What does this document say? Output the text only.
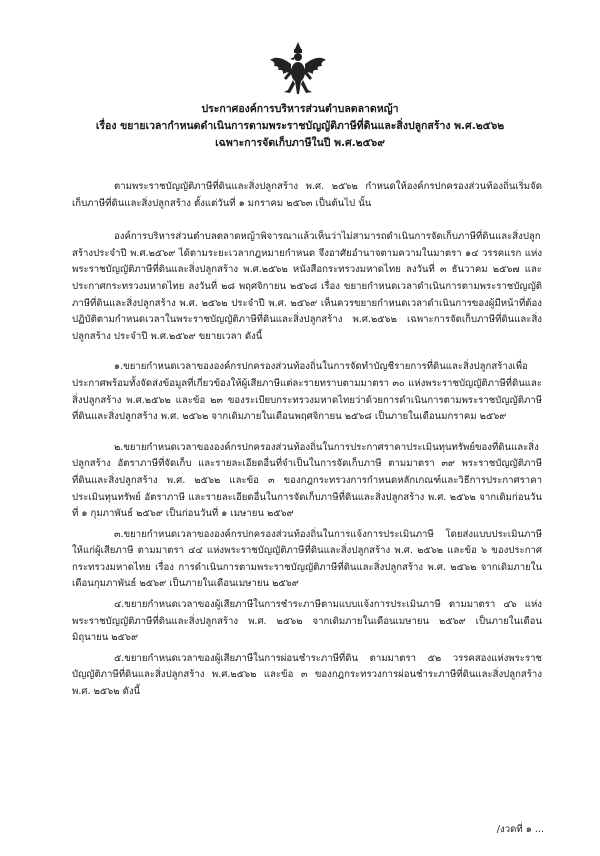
ประกาศองค์การบริหารส่วนตำบลตลาดหญ้า
เรื่อง ขยายเวลากำหนดดำเนินการตามพระราชบัญญัติภาษีที่ดินและสิ่งปลูกสร้าง พ.ศ.๒๕๖๒
เฉพาะการจัดเก็บภาษีในปี พ.ศ.๒๕๖๙

ตามพระราชบัญญัติภาษีที่ดินและสิ่งปลูกสร้าง พ.ศ. ๒๕๖๒ กำหนดให้องค์กรปกครองส่วนท้องถิ่นเริ่มจัดเก็บภาษีที่ดินและสิ่งปลูกสร้าง ตั้งแต่วันที่ ๑ มกราคม ๒๕๖๓ เป็นต้นไป นั้น

องค์การบริหารส่วนตำบลตลาดหญ้าพิจารณาแล้วเห็นว่าไม่สามารถดำเนินการจัดเก็บภาษีที่ดินและสิ่งปลูกสร้างประจำปี พ.ศ.๒๕๖๙ ได้ตามระยะเวลากฎหมายกำหนด จึงอาศัยอำนาจตามความในมาตรา ๑๔ วรรคแรก แห่งพระราชบัญญัติภาษีที่ดินและสิ่งปลูกสร้าง พ.ศ.๒๕๖๒ หนังสือกระทรวงมหาดไทย ลงวันที่ ๓ ธันวาคม ๒๕๖๗ และประกาศกระทรวงมหาดไทย ลงวันที่ ๒๘ พฤศจิกายน ๒๕๖๘ เรื่อง ขยายกำหนดเวลาดำเนินการตามพระราชบัญญัติภาษีที่ดินและสิ่งปลูกสร้าง พ.ศ. ๒๕๖๒ ประจำปี พ.ศ. ๒๕๖๙ เห็นควรขยายกำหนดเวลาดำเนินการของผู้มีหน้าที่ต้องปฏิบัติตามกำหนดเวลาในพระราชบัญญัติภาษีที่ดินและสิ่งปลูกสร้าง พ.ศ.๒๕๖๒ เฉพาะการจัดเก็บภาษีที่ดินและสิ่งปลูกสร้าง ประจำปี พ.ศ.๒๕๖๙ ขยายเวลา ดังนี้

๑.ขยายกำหนดเวลาขององค์กรปกครองส่วนท้องถิ่นในการจัดทำบัญชีรายการที่ดินและสิ่งปลูกสร้างเพื่อประกาศพร้อมทั้งจัดส่งข้อมูลที่เกี่ยวข้องให้ผู้เสียภาษีแต่ละรายทราบตามมาตรา ๓๐ แห่งพระราชบัญญัติภาษีที่ดินและสิ่งปลูกสร้าง พ.ศ.๒๕๖๒ และข้อ ๒๓ ของระเบียบกระทรวงมหาดไทยว่าด้วยการดำเนินการตามพระราชบัญญัติภาษีที่ดินและสิ่งปลูกสร้าง พ.ศ. ๒๕๖๒ จากเดิมภายในเดือนพฤศจิกายน ๒๕๖๘ เป็นภายในเดือนมกราคม ๒๕๖๙

๒.ขยายกำหนดเวลาขององค์กรปกครองส่วนท้องถิ่นในการประกาศราคาประเมินทุนทรัพย์ของที่ดินและสิ่งปลูกสร้าง อัตราภาษีที่จัดเก็บ และรายละเอียดอื่นที่จำเป็นในการจัดเก็บภาษี ตามมาตรา ๓๙ พระราชบัญญัติภาษีที่ดินและสิ่งปลูกสร้าง พ.ศ. ๒๕๖๒ และข้อ ๓ ของกฎกระทรวงการกำหนดหลักเกณฑ์และวิธีการประกาศราคาประเมินทุนทรัพย์ อัตราภาษี และรายละเอียดอื่นในการจัดเก็บภาษีที่ดินและสิ่งปลูกสร้าง พ.ศ. ๒๕๖๒ จากเดิมก่อนวันที่ ๑ กุมภาพันธ์ ๒๕๖๙ เป็นก่อนวันที่ ๑ เมษายน ๒๕๖๙

๓.ขยายกำหนดเวลาขององค์กรปกครองส่วนท้องถิ่นในการแจ้งการประเมินภาษี โดยส่งแบบประเมินภาษีให้แก่ผู้เสียภาษี ตามมาตรา ๔๔ แห่งพระราชบัญญัติภาษีที่ดินและสิ่งปลูกสร้าง พ.ศ. ๒๕๖๒ และข้อ ๖ ของประกาศกระทรวงมหาดไทย เรื่อง การดำเนินการตามพระราชบัญญัติภาษีที่ดินและสิ่งปลูกสร้าง พ.ศ. ๒๕๖๒ จากเดิมภายในเดือนกุมภาพันธ์ ๒๕๖๙ เป็นภายในเดือนเมษายน ๒๕๖๙

๔.ขยายกำหนดเวลาของผู้เสียภาษีในการชำระภาษีตามแบบแจ้งการประเมินภาษี ตามมาตรา ๔๖ แห่งพระราชบัญญัติภาษีที่ดินและสิ่งปลูกสร้าง พ.ศ. ๒๕๖๒ จากเดิมภายในเดือนเมษายน ๒๕๖๙ เป็นภายในเดือนมิถุนายน ๒๕๖๙

๕.ขยายกำหนดเวลาของผู้เสียภาษีในการผ่อนชำระภาษีที่ดิน ตามมาตรา ๕๒ วรรคสองแห่งพระราชบัญญัติภาษีที่ดินและสิ่งปลูกสร้าง พ.ศ.๒๕๖๒ และข้อ ๓ ของกฎกระทรวงการผ่อนชำระภาษีที่ดินและสิ่งปลูกสร้าง พ.ศ. ๒๕๖๒ ดังนี้

/งวดที่ ๑ ...
